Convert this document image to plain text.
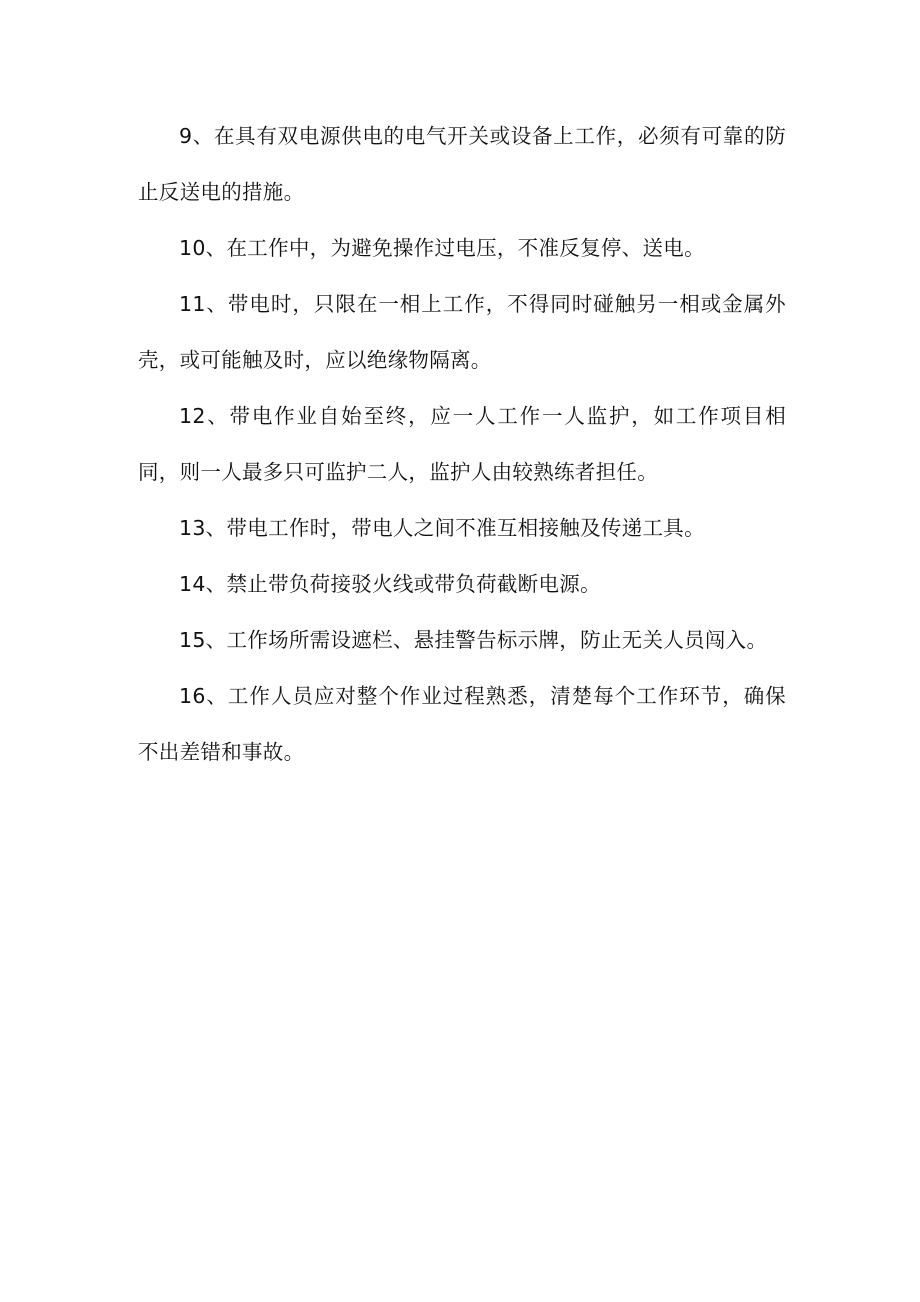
9、在具有双电源供电的电气开关或设备上工作，必须有可靠的防止反送电的措施。

10、在工作中，为避免操作过电压，不准反复停、送电。

11、带电时，只限在一相上工作，不得同时碰触另一相或金属外壳，或可能触及时，应以绝缘物隔离。

12、带电作业自始至终，应一人工作一人监护，如工作项目相同，则一人最多只可监护二人，监护人由较熟练者担任。

13、带电工作时，带电人之间不准互相接触及传递工具。

14、禁止带负荷接驳火线或带负荷截断电源。

15、工作场所需设遮栏、悬挂警告标示牌，防止无关人员闯入。

16、工作人员应对整个作业过程熟悉，清楚每个工作环节，确保不出差错和事故。
